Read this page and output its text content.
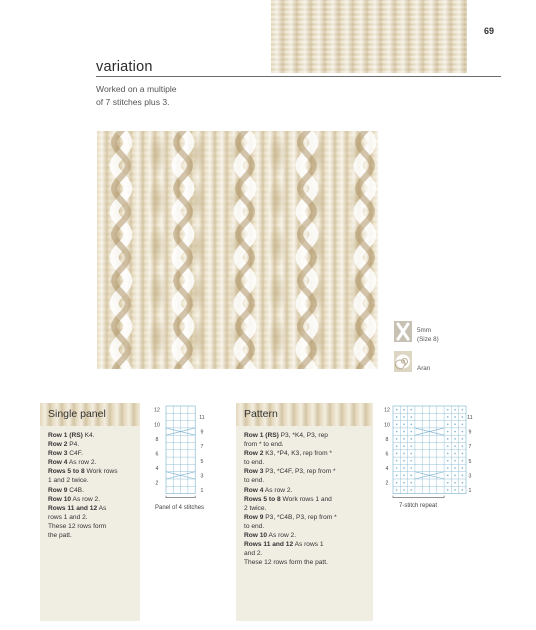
69
variation
Worked on a multiple
of 7 stitches plus 3.
5mm
(Size 8)
Aran
Single panel
Row 1 (RS) K4.
Row 2 P4.
Row 3 C4F.
Row 4 As row 2.
Rows 5 to 8 Work rows
1 and 2 twice.
Row 9 C4B.
Row 10 As row 2.
Rows 11 and 12 As
rows 1 and 2.
These 12 rows form
the patt.
12
10
8
6
4
2
11
9
7
5
3
1
Panel of 4 stitches
Pattern
Row 1 (RS) P3, *K4, P3, rep
from * to end.
Row 2 K3, *P4, K3, rep from *
to end.
Row 3 P3, *C4F, P3, rep from *
to end.
Row 4 As row 2.
Rows 5 to 8 Work rows 1 and
2 twice.
Row 9 P3, *C4B, P3, rep from *
to end.
Row 10 As row 2.
Rows 11 and 12 As rows 1
and 2.
These 12 rows form the patt.
12
10
8
6
4
2
11
9
7
5
3
1
7-stitch repeat
